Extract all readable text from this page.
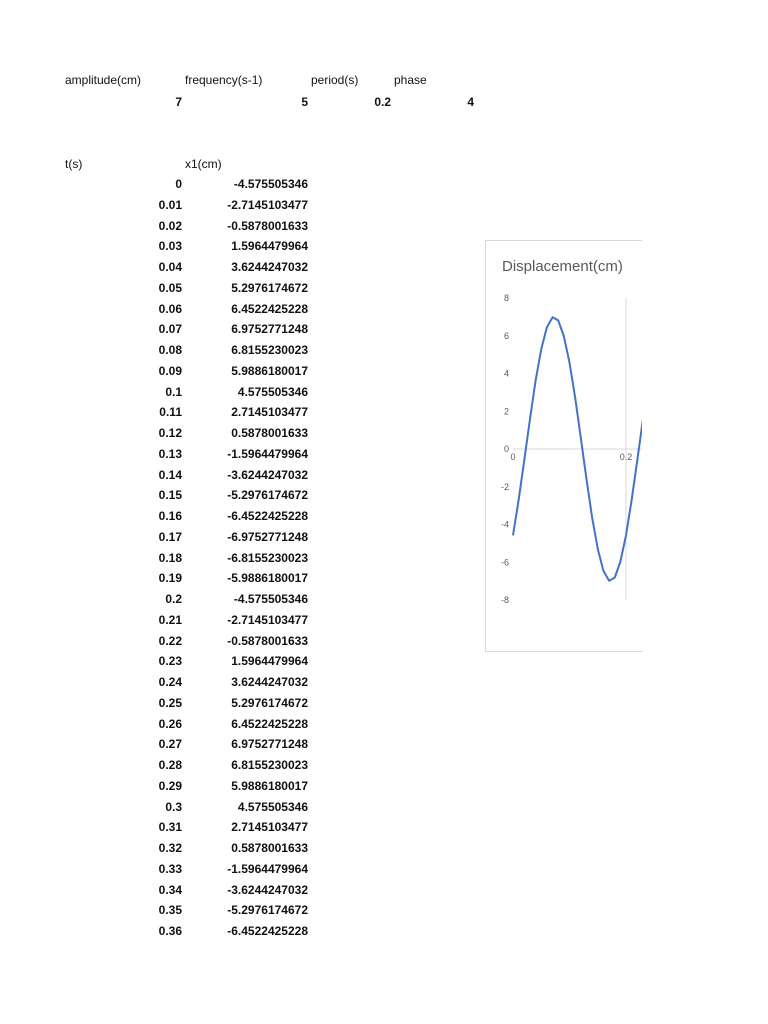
amplitude(cm)	frequency(s-1)	period(s)	phase
7	5	0.2	4
t(s)	x1(cm)
0	-4.575505346
0.01	-2.7145103477
0.02	-0.5878001633
0.03	1.5964479964
0.04	3.6244247032
0.05	5.2976174672
0.06	6.4522425228
0.07	6.9752771248
0.08	6.8155230023
0.09	5.9886180017
0.1	4.575505346
0.11	2.7145103477
0.12	0.5878001633
0.13	-1.5964479964
0.14	-3.6244247032
0.15	-5.2976174672
0.16	-6.4522425228
0.17	-6.9752771248
0.18	-6.8155230023
0.19	-5.9886180017
0.2	-4.575505346
0.21	-2.7145103477
0.22	-0.5878001633
0.23	1.5964479964
0.24	3.6244247032
0.25	5.2976174672
0.26	6.4522425228
0.27	6.9752771248
0.28	6.8155230023
0.29	5.9886180017
0.3	4.575505346
0.31	2.7145103477
0.32	0.5878001633
0.33	-1.5964479964
0.34	-3.6244247032
0.35	-5.2976174672
0.36	-6.4522425228
Displacement(cm)
8
6
4
2
0
-2
-4
-6
-8
0	0.2
